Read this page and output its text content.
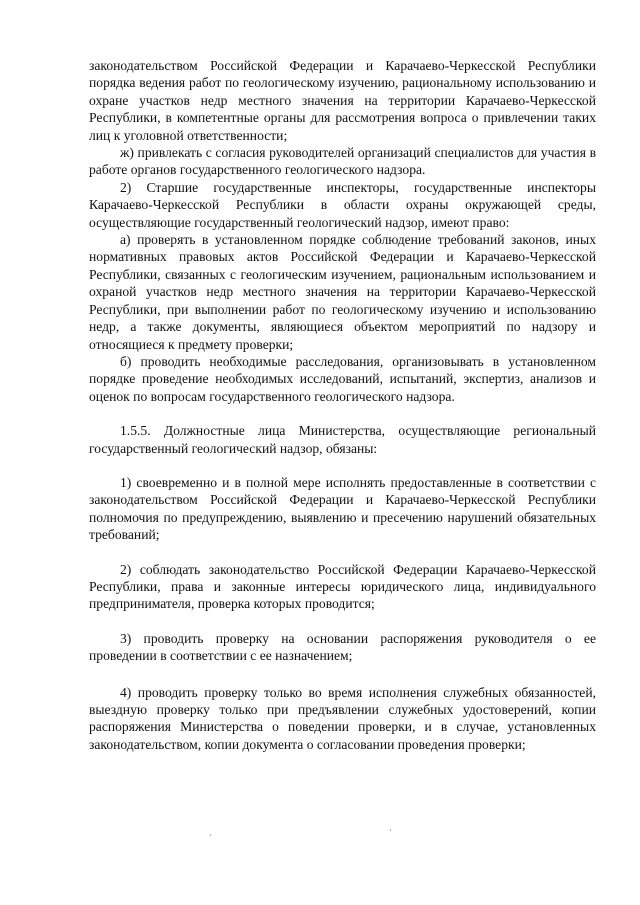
законодательством Российской Федерации и Карачаево-Черкесской Республики порядка ведения работ по геологическому изучению, рациональному использованию и охране участков недр местного значения на территории Карачаево-Черкесской Республики, в компетентные органы для рассмотрения вопроса о привлечении таких лиц к уголовной ответственности;

ж) привлекать с согласия руководителей организаций специалистов для участия в работе органов государственного геологического надзора.

2) Старшие государственные инспекторы, государственные инспекторы Карачаево-Черкесской Республики в области охраны окружающей среды, осуществляющие государственный геологический надзор, имеют право:

а) проверять в установленном порядке соблюдение требований законов, иных нормативных правовых актов Российской Федерации и Карачаево-Черкесской Республики, связанных с геологическим изучением, рациональным использованием и охраной участков недр местного значения на территории Карачаево-Черкесской Республики, при выполнении работ по геологическому изучению и использованию недр, а также документы, являющиеся объектом мероприятий по надзору и относящиеся к предмету проверки;

б) проводить необходимые расследования, организовывать в установленном порядке проведение необходимых исследований, испытаний, экспертиз, анализов и оценок по вопросам государственного геологического надзора.

1.5.5. Должностные лица Министерства, осуществляющие региональный государственный геологический надзор, обязаны:

1) своевременно и в полной мере исполнять предоставленные в соответствии с законодательством Российской Федерации и Карачаево-Черкесской Республики полномочия по предупреждению, выявлению и пресечению нарушений обязательных требований;

2) соблюдать законодательство Российской Федерации Карачаево-Черкесской Республики, права и законные интересы юридического лица, индивидуального предпринимателя, проверка которых проводится;

3) проводить проверку на основании распоряжения руководителя о ее проведении в соответствии с ее назначением;

4) проводить проверку только во время исполнения служебных обязанностей, выездную проверку только при предъявлении служебных удостоверений, копии распоряжения Министерства о поведении проверки, и в случае, установленных законодательством, копии документа о согласовании проведения проверки;

·
·
